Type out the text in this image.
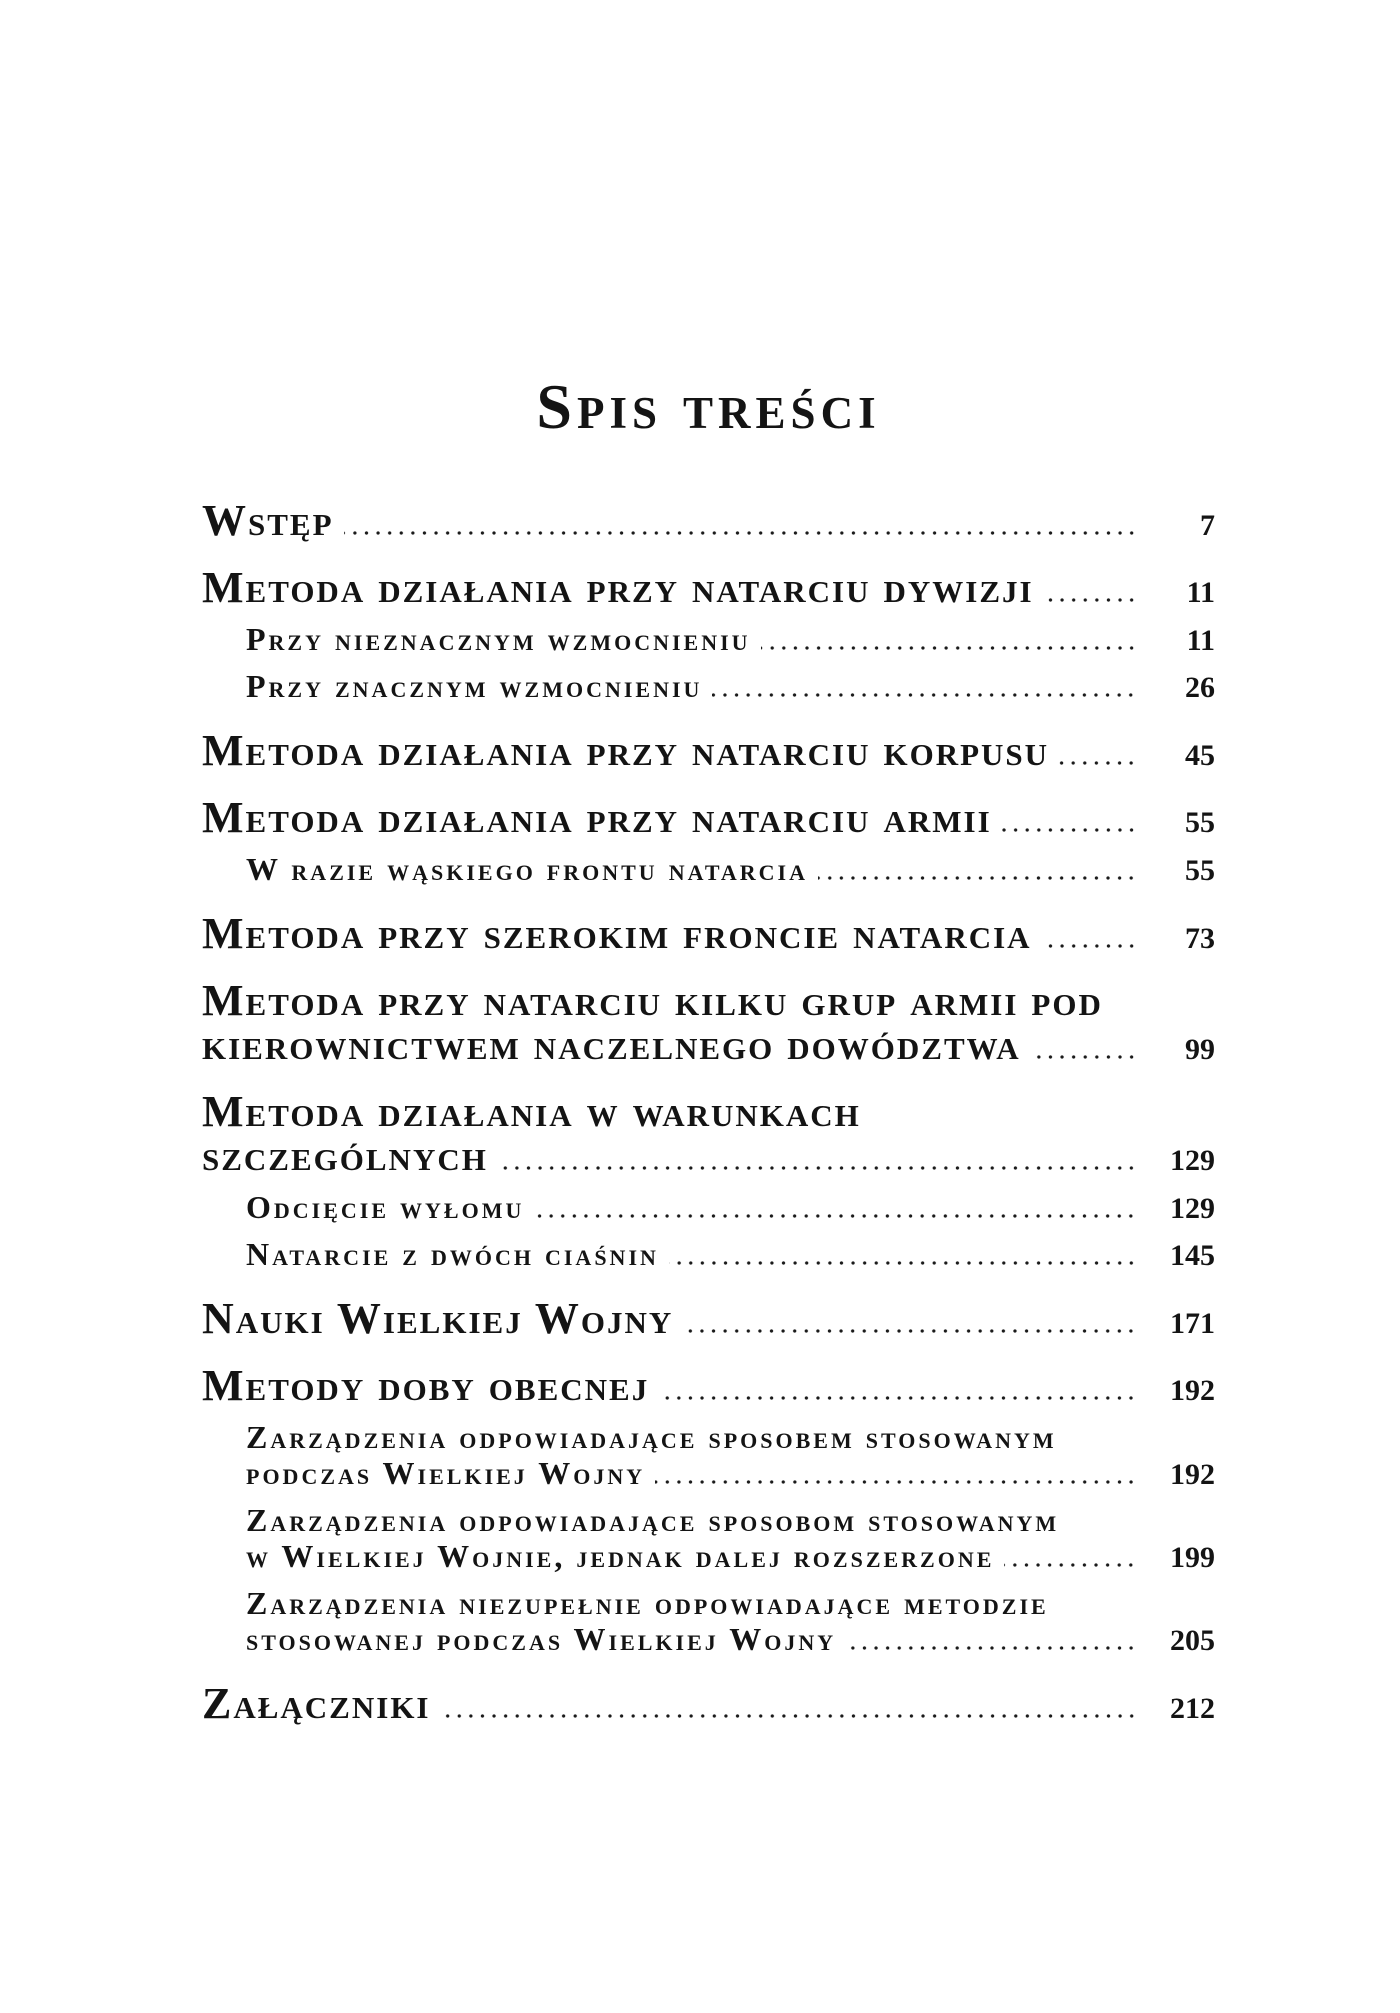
Spis treści
Wstęp	7
Metoda działania przy natarciu dywizji	11
Przy nieznacznym wzmocnieniu	11
Przy znacznym wzmocnieniu	26
Metoda działania przy natarciu korpusu	45
Metoda działania przy natarciu armii	55
W razie wąskiego frontu natarcia	55
Metoda przy szerokim froncie natarcia	73
Metoda przy natarciu kilku grup armii pod
kierownictwem naczelnego dowództwa	99
Metoda działania w warunkach
szczególnych	129
Odcięcie wyłomu	129
Natarcie z dwóch ciaśnin	145
Nauki Wielkiej Wojny	171
Metody doby obecnej	192
Zarządzenia odpowiadające sposobem stosowanym
podczas Wielkiej Wojny	192
Zarządzenia odpowiadające sposobom stosowanym
w Wielkiej Wojnie, jednak dalej rozszerzone	199
Zarządzenia niezupełnie odpowiadające metodzie
stosowanej podczas Wielkiej Wojny	205
Załączniki	212
